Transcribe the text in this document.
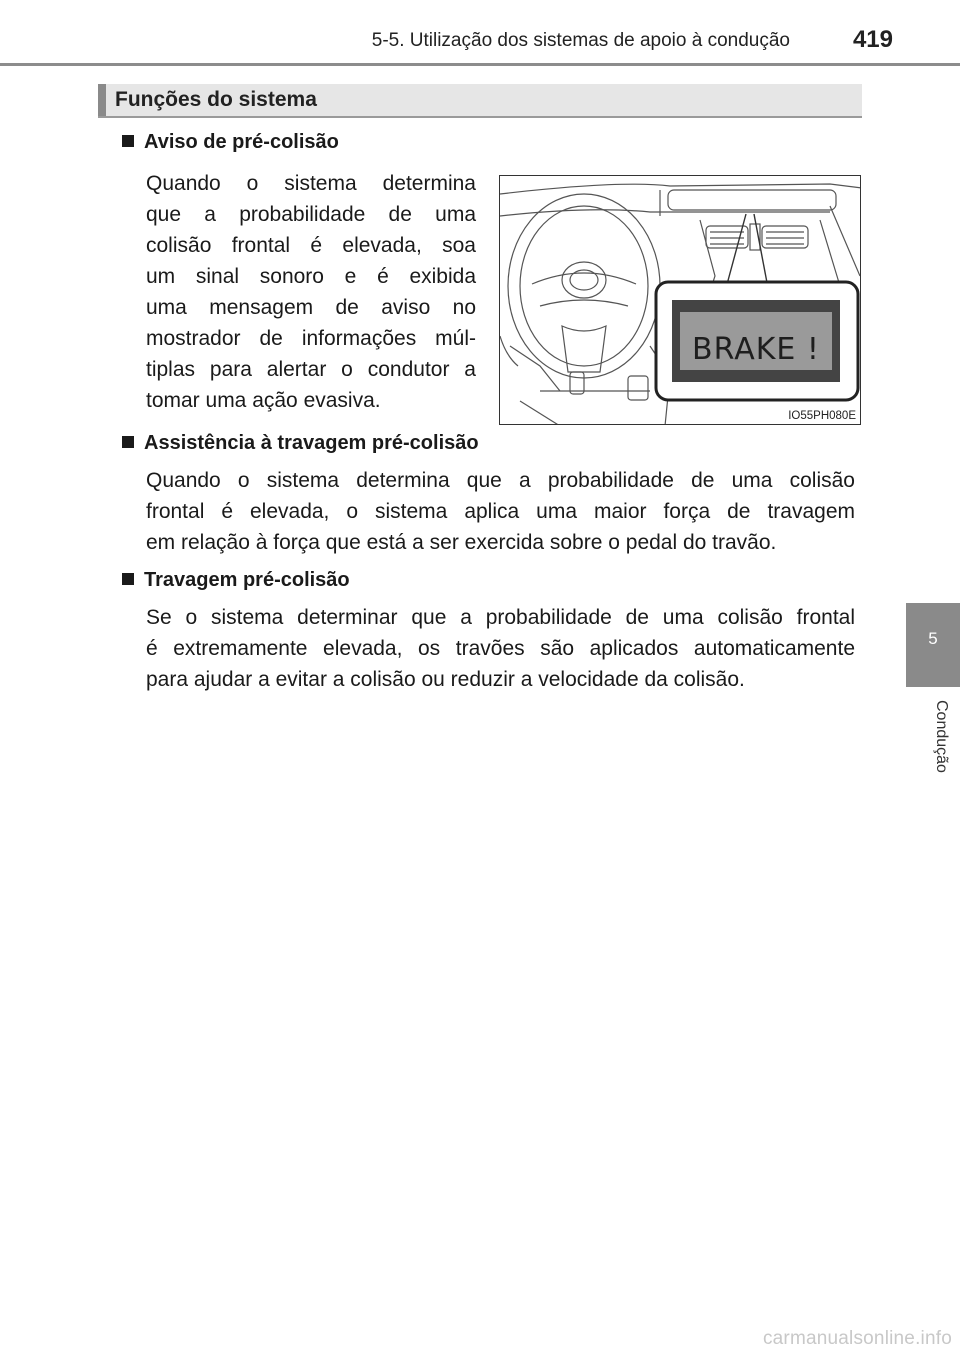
5-5. Utilização dos sistemas de apoio à condução	419
Funções do sistema
Aviso de pré-colisão
Quando o sistema determina
que a probabilidade de uma
colisão frontal é elevada, soa
um sinal sonoro e é exibida
uma mensagem de aviso no
mostrador de informações múl-
tiplas para alertar o condutor a
tomar uma ação evasiva.
BRAKE !
IO55PH080E
Assistência à travagem pré-colisão
Quando o sistema determina que a probabilidade de uma colisão
frontal é elevada, o sistema aplica uma maior força de travagem
em relação à força que está a ser exercida sobre o pedal do travão.
Travagem pré-colisão
Se o sistema determinar que a probabilidade de uma colisão frontal
é extremamente elevada, os travões são aplicados automaticamente
para ajudar a evitar a colisão ou reduzir a velocidade da colisão.
5
Condução
carmanualsonline.info
